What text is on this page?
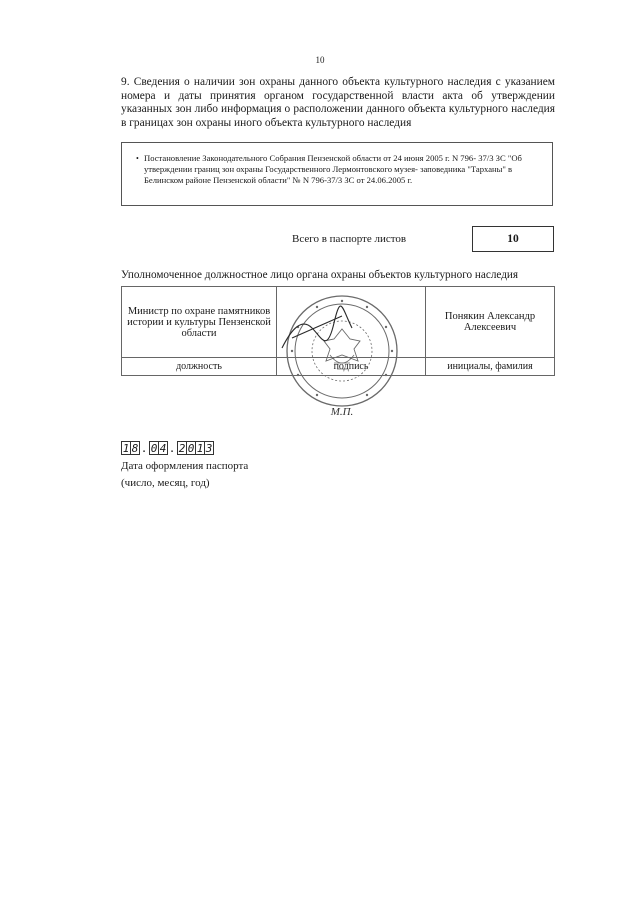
10
9. Сведения о наличии зон охраны данного объекта культурного наследия с указанием номера и даты принятия органом государственной власти акта об утверждении указанных зон либо информация о расположении данного объекта культурного наследия в границах зон охраны иного объекта культурного наследия
• Постановление Законодательного Собрания Пензенской области от 24 июня 2005 г. N 796- 37/3 ЗС "Об утверждении границ зон охраны Государственного Лермонтовского музея- заповедника "Тарханы" в Белинском районе Пензенской области" № N 796-37/3 ЗС от 24.06.2005 г.
Всего в паспорте листов	10
Уполномоченное должностное лицо органа охраны объектов культурного наследия
Министр по охране памятников истории и культуры Пензенской области		Понякин Александр Алексеевич
должность	подпись	инициалы, фамилия
М.П.
1 8 . 0 4 . 2 0 1 3
Дата оформления паспорта
(число, месяц, год)
